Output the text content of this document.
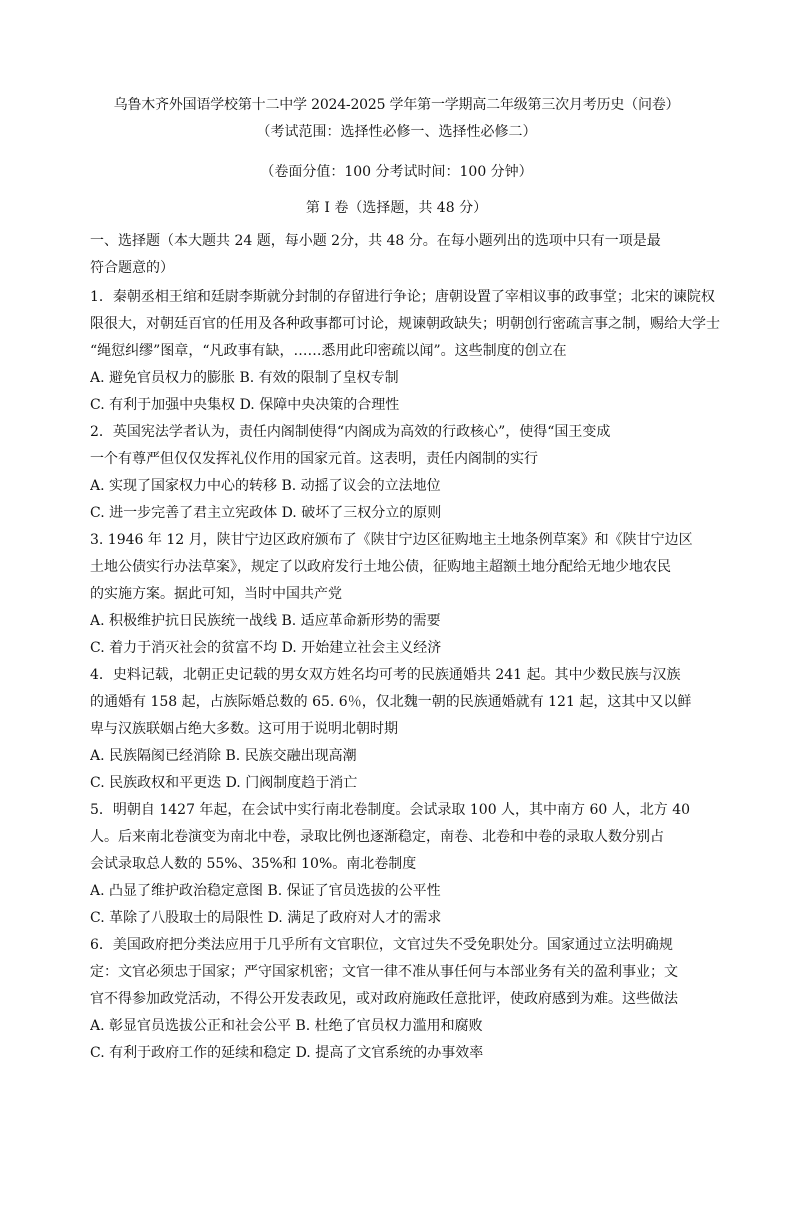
乌鲁木齐外国语学校第十二中学 2024-2025 学年第一学期高二年级第三次月考历史（问卷）
（考试范围：选择性必修一、选择性必修二）
（卷面分值：100 分考试时间：100 分钟）
第 I 卷（选择题，共 48 分）
一、选择题（本大题共 24 题，每小题 2分，共 48 分。在每小题列出的选项中只有一项是最
符合题意的）
1．秦朝丞相王绾和廷尉李斯就分封制的存留进行争论；唐朝设置了宰相议事的政事堂；北宋的谏院权
限很大，对朝廷百官的任用及各种政事都可讨论，规谏朝政缺失；明朝创行密疏言事之制，赐给大学士
“绳愆纠缪”图章，“凡政事有缺，……悉用此印密疏以闻”。这些制度的创立在
A. 避免官员权力的膨胀 B. 有效的限制了皇权专制
C. 有利于加强中央集权 D. 保障中央决策的合理性
2．英国宪法学者认为，责任内阁制使得“内阁成为高效的行政核心”，使得“国王变成
一个有尊严但仅仅发挥礼仪作用的国家元首。这表明，责任内阁制的实行
A. 实现了国家权力中心的转移 B. 动摇了议会的立法地位
C. 进一步完善了君主立宪政体 D. 破坏了三权分立的原则
3. 1946 年 12 月，陕甘宁边区政府颁布了《陕甘宁边区征购地主土地条例草案》和《陕甘宁边区
土地公债实行办法草案》，规定了以政府发行土地公债，征购地主超额土地分配给无地少地农民
的实施方案。据此可知，当时中国共产党
A. 积极维护抗日民族统一战线 B. 适应革命新形势的需要
C. 着力于消灭社会的贫富不均 D. 开始建立社会主义经济
4．史料记载，北朝正史记载的男女双方姓名均可考的民族通婚共 241 起。其中少数民族与汉族
的通婚有 158 起，占族际婚总数的 65. 6％，仅北魏一朝的民族通婚就有 121 起，这其中又以鲜
卑与汉族联姻占绝大多数。这可用于说明北朝时期
A. 民族隔阂已经消除 B. 民族交融出现高潮
C. 民族政权和平更迭 D. 门阀制度趋于消亡
5．明朝自 1427 年起，在会试中实行南北卷制度。会试录取 100 人，其中南方 60 人，北方 40
人。后来南北卷演变为南北中卷，录取比例也逐渐稳定，南卷、北卷和中卷的录取人数分别占
会试录取总人数的 55%、35%和 10%。南北卷制度
A. 凸显了维护政治稳定意图 B. 保证了官员选拔的公平性
C. 革除了八股取士的局限性 D. 满足了政府对人才的需求
6．美国政府把分类法应用于几乎所有文官职位，文官过失不受免职处分。国家通过立法明确规
定：文官必须忠于国家；严守国家机密；文官一律不准从事任何与本部业务有关的盈利事业；文
官不得参加政党活动，不得公开发表政见，或对政府施政任意批评，使政府感到为难。这些做法
A. 彰显官员选拔公正和社会公平 B. 杜绝了官员权力滥用和腐败
C. 有利于政府工作的延续和稳定 D. 提高了文官系统的办事效率
